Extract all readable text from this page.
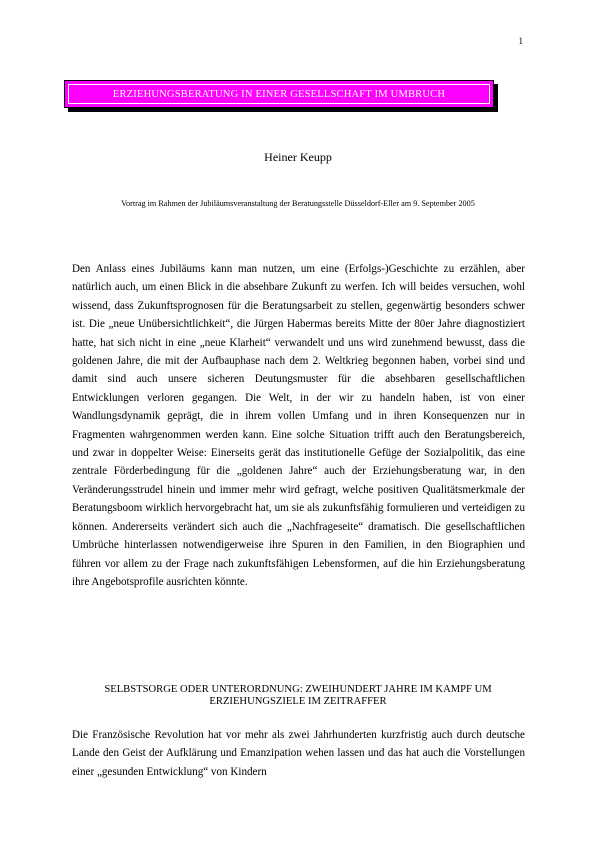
1
ERZIEHUNGSBERATUNG IN EINER GESELLSCHAFT IM UMBRUCH
Heiner Keupp
Vortrag im Rahmen der Jubiläumsveranstaltung der Beratungsstelle Düsseldorf-Eller am 9. September 2005
Den Anlass eines Jubiläums kann man nutzen, um eine (Erfolgs-)Geschichte zu erzählen, aber natürlich auch, um einen Blick in die absehbare Zukunft zu werfen. Ich will beides versuchen, wohl wissend, dass Zukunftsprognosen für die Beratungsarbeit zu stellen, gegenwärtig besonders schwer ist. Die „neue Unübersichtlichkeit“, die Jürgen Habermas bereits Mitte der 80er Jahre diagnostiziert hatte, hat sich nicht in eine „neue Klarheit“ verwandelt und uns wird zunehmend bewusst, dass die goldenen Jahre, die mit der Aufbauphase nach dem 2. Weltkrieg begonnen haben, vorbei sind und damit sind auch unsere sicheren Deutungsmuster für die absehbaren gesellschaftlichen Entwicklungen verloren gegangen. Die Welt, in der wir zu handeln haben, ist von einer Wandlungsdynamik geprägt, die in ihrem vollen Umfang und in ihren Konsequenzen nur in Fragmenten wahrgenommen werden kann. Eine solche Situation trifft auch den Beratungsbereich, und zwar in doppelter Weise: Einerseits gerät das institutionelle Gefüge der Sozialpolitik, das eine zentrale Förderbedingung für die „goldenen Jahre“ auch der Erziehungsberatung war, in den Veränderungsstrudel hinein und immer mehr wird gefragt, welche positiven Qualitätsmerkmale der Beratungsboom wirklich hervorgebracht hat, um sie als zukunftsfähig formulieren und verteidigen zu können. Andererseits verändert sich auch die „Nachfrageseite“ dramatisch. Die gesellschaftlichen Umbrüche hinterlassen notwendigerweise ihre Spuren in den Familien, in den Biographien und führen vor allem zu der Frage nach zukunftsfähigen Lebensformen, auf die hin Erziehungsberatung ihre Angebotsprofile ausrichten könnte.
SELBSTSORGE ODER UNTERORDNUNG: ZWEIHUNDERT JAHRE IM KAMPF UM ERZIEHUNGSZIELE IM ZEITRAFFER
Die Französische Revolution hat vor mehr als zwei Jahrhunderten kurzfristig auch durch deutsche Lande den Geist der Aufklärung und Emanzipation wehen lassen und das hat auch die Vorstellungen einer „gesunden Entwicklung“ von Kindern
